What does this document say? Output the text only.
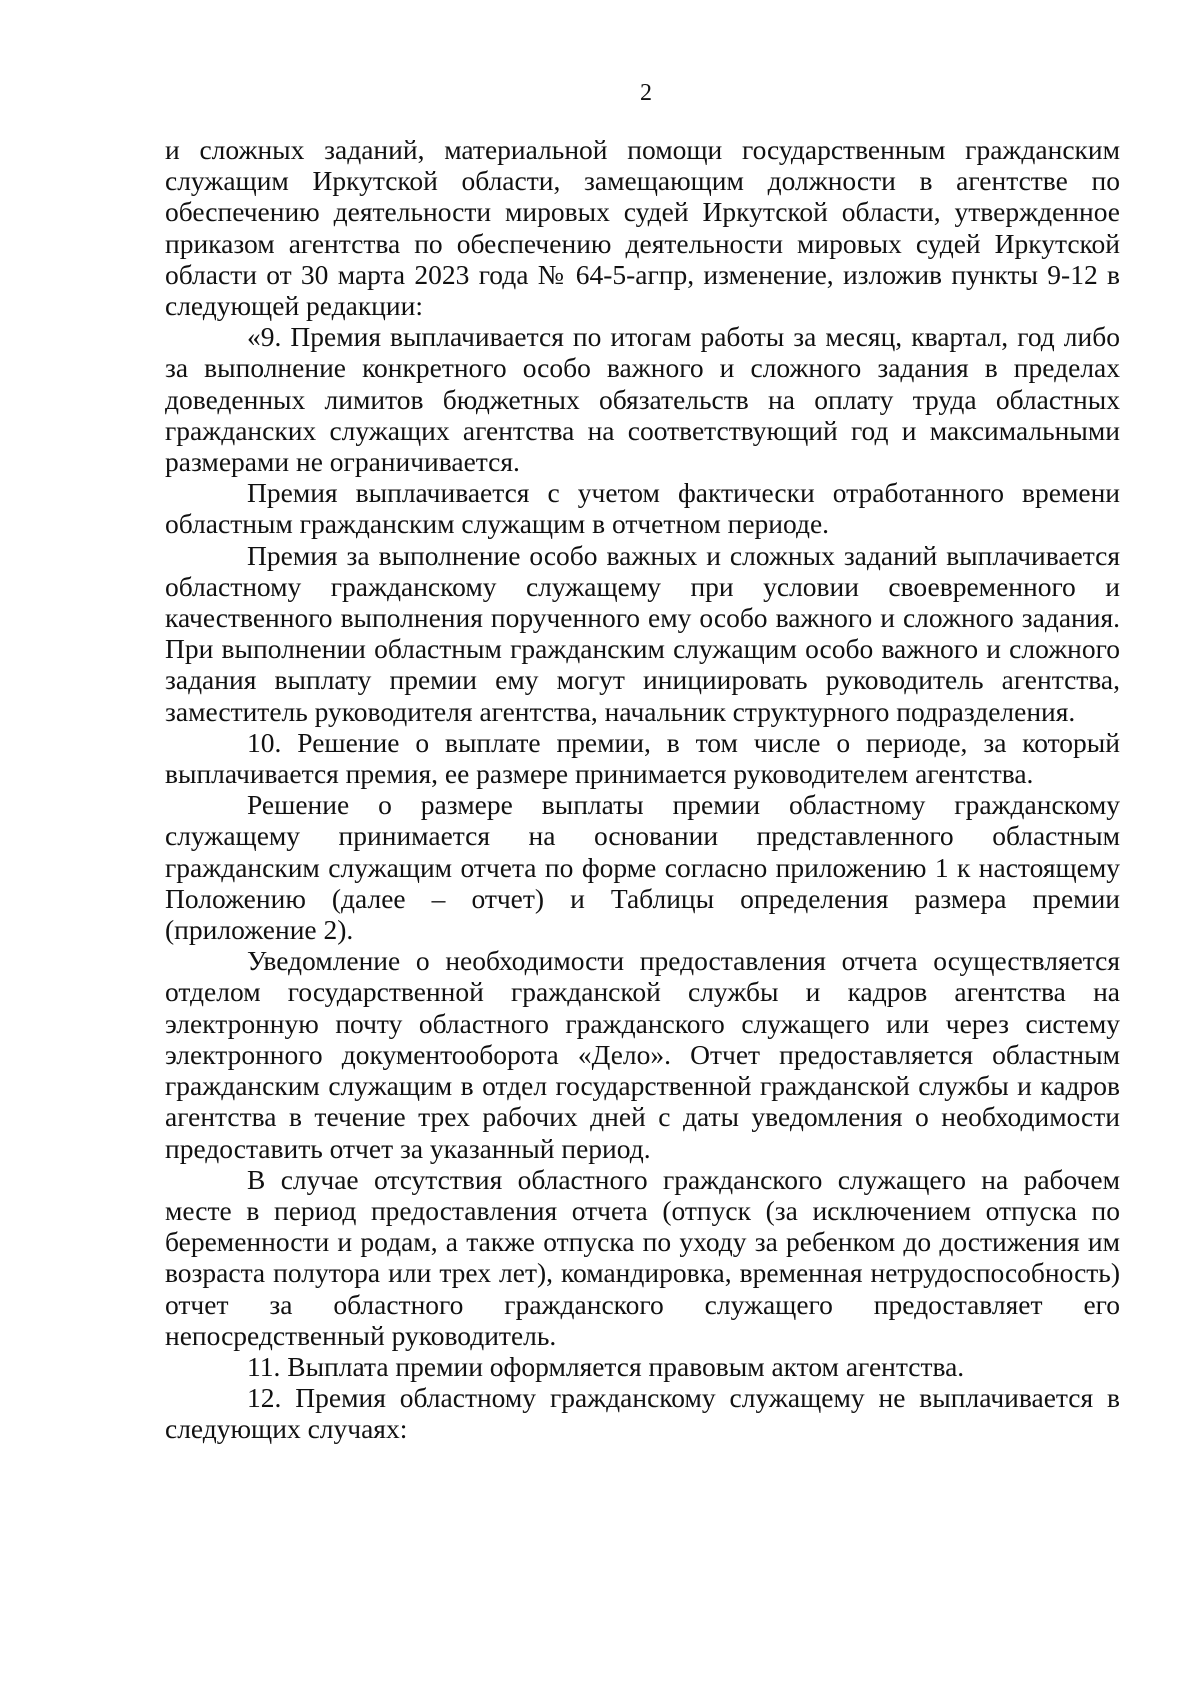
2

и сложных заданий, материальной помощи государственным гражданским служащим Иркутской области, замещающим должности в агентстве по обеспечению деятельности мировых судей Иркутской области, утвержденное приказом агентства по обеспечению деятельности мировых судей Иркутской области от 30 марта 2023 года № 64-5-агпр, изменение, изложив пункты 9-12 в следующей редакции:

«9. Премия выплачивается по итогам работы за месяц, квартал, год либо за выполнение конкретного особо важного и сложного задания в пределах доведенных лимитов бюджетных обязательств на оплату труда областных гражданских служащих агентства на соответствующий год и максимальными размерами не ограничивается.

Премия выплачивается с учетом фактически отработанного времени областным гражданским служащим в отчетном периоде.

Премия за выполнение особо важных и сложных заданий выплачивается областному гражданскому служащему при условии своевременного и качественного выполнения порученного ему особо важного и сложного задания. При выполнении областным гражданским служащим особо важного и сложного задания выплату премии ему могут инициировать руководитель агентства, заместитель руководителя агентства, начальник структурного подразделения.

10. Решение о выплате премии, в том числе о периоде, за который выплачивается премия, ее размере принимается руководителем агентства.

Решение о размере выплаты премии областному гражданскому служащему принимается на основании представленного областным гражданским служащим отчета по форме согласно приложению 1 к настоящему Положению (далее – отчет) и Таблицы определения размера премии (приложение 2).

Уведомление о необходимости предоставления отчета осуществляется отделом государственной гражданской службы и кадров агентства на электронную почту областного гражданского служащего или через систему электронного документооборота «Дело». Отчет предоставляется областным гражданским служащим в отдел государственной гражданской службы и кадров агентства в течение трех рабочих дней с даты уведомления о необходимости предоставить отчет за указанный период.

В случае отсутствия областного гражданского служащего на рабочем месте в период предоставления отчета (отпуск (за исключением отпуска по беременности и родам, а также отпуска по уходу за ребенком до достижения им возраста полутора или трех лет), командировка, временная нетрудоспособность) отчет за областного гражданского служащего предоставляет его непосредственный руководитель.

11. Выплата премии оформляется правовым актом агентства.

12. Премия областному гражданскому служащему не выплачивается в следующих случаях:
